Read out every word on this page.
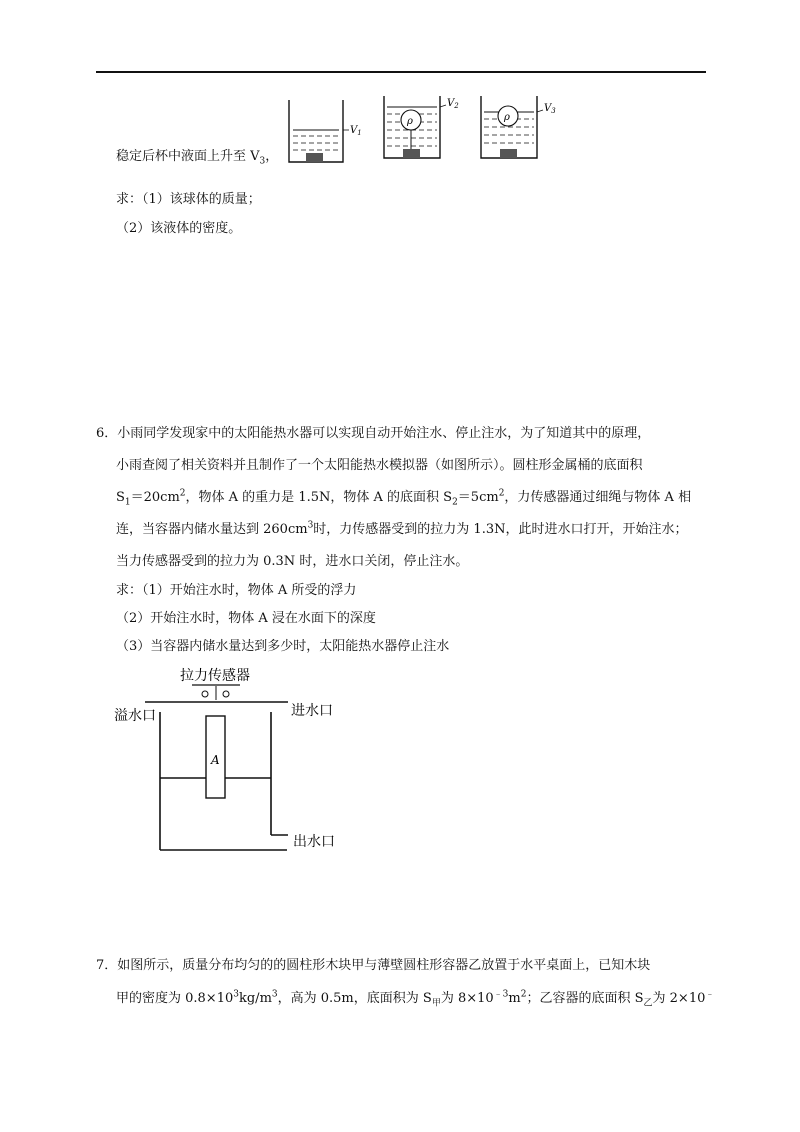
稳定后杯中液面上升至 $V_3$，
$V_1$
ρ
$V_2$
ρ
$V_3$
求：（1）该球体的质量；
（2）该液体的密度。
6．小雨同学发现家中的太阳能热水器可以实现自动开始注水、停止注水，为了知道其中的原理，
小雨查阅了相关资料并且制作了一个太阳能热水模拟器（如图所示）。圆柱形金属桶的底面积
$S_1=20cm^2$，物体 A 的重力是 1.5N，物体 A 的底面积 $S_2=5cm^2$，力传感器通过细绳与物体 A 相
连，当容器内储水量达到 $260cm^3$时，力传感器受到的拉力为 1.3N，此时进水口打开，开始注水；
当力传感器受到的拉力为 0.3N 时，进水口关闭，停止注水。
求：（1）开始注水时，物体 A 所受的浮力
（2）开始注水时，物体 A 浸在水面下的深度
（3）当容器内储水量达到多少时，太阳能热水器停止注水
拉力传感器
溢水口	进水口
A
出水口
7．如图所示，质量分布均匀的的圆柱形木块甲与薄壁圆柱形容器乙放置于水平桌面上，已知木块
甲的密度为 $0.8\times 10^3kg/m^3$，高为 0.5m，底面积为 $S_甲$为 $8\times 10^{﹣3}m^2$；乙容器的底面积 $S_乙$为 2×10﹣
